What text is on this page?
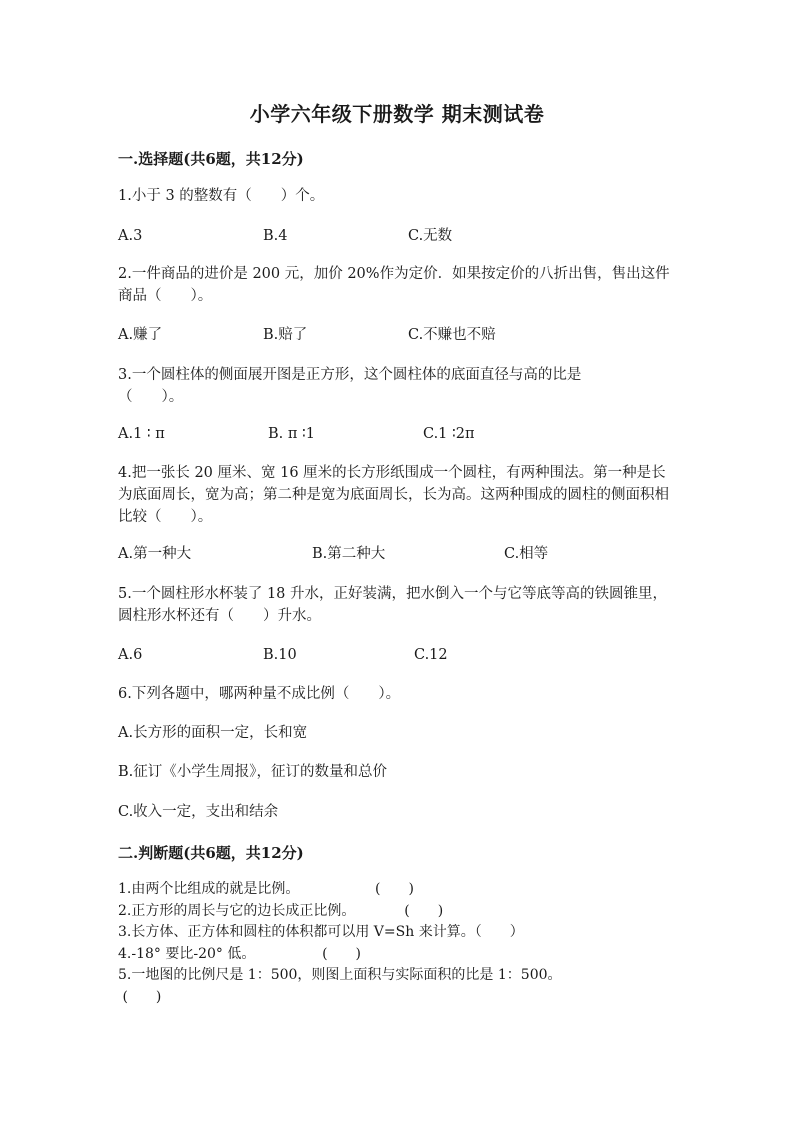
小学六年级下册数学 期末测试卷
一.选择题(共6题，共12分)
1.小于 3 的整数有（　　）个。
A.3	B.4	C.无数
2.一件商品的进价是 200 元，加价 20%作为定价．如果按定价的八折出售，售出这件商品（　　）。
A.赚了	B.赔了	C.不赚也不赔
3.一个圆柱体的侧面展开图是正方形，这个圆柱体的底面直径与高的比是（　　）。
A.1 ∶ π	B. π ∶1	C.1 ∶2π
4.把一张长 20 厘米、宽 16 厘米的长方形纸围成一个圆柱，有两种围法。第一种是长为底面周长，宽为高；第二种是宽为底面周长，长为高。这两种围成的圆柱的侧面积相比较（　　）。
A.第一种大	B.第二种大	C.相等
5.一个圆柱形水杯装了 18 升水，正好装满，把水倒入一个与它等底等高的铁圆锥里，圆柱形水杯还有（　　）升水。
A.6	B.10	C.12
6.下列各题中，哪两种量不成比例（　　）。
A.长方形的面积一定，长和宽
B.征订《小学生周报》，征订的数量和总价
C.收入一定，支出和结余
二.判断题(共6题，共12分)
1.由两个比组成的就是比例。                 (　　)
2.正方形的周长与它的边长成正比例。           (　　)
3.长方体、正方体和圆柱的体积都可以用 V=Sh 来计算。（　　）
4.-18° 要比-20° 低。               (　　)
5.一地图的比例尺是 1：500，则图上面积与实际面积的比是 1：500。
(　　)
